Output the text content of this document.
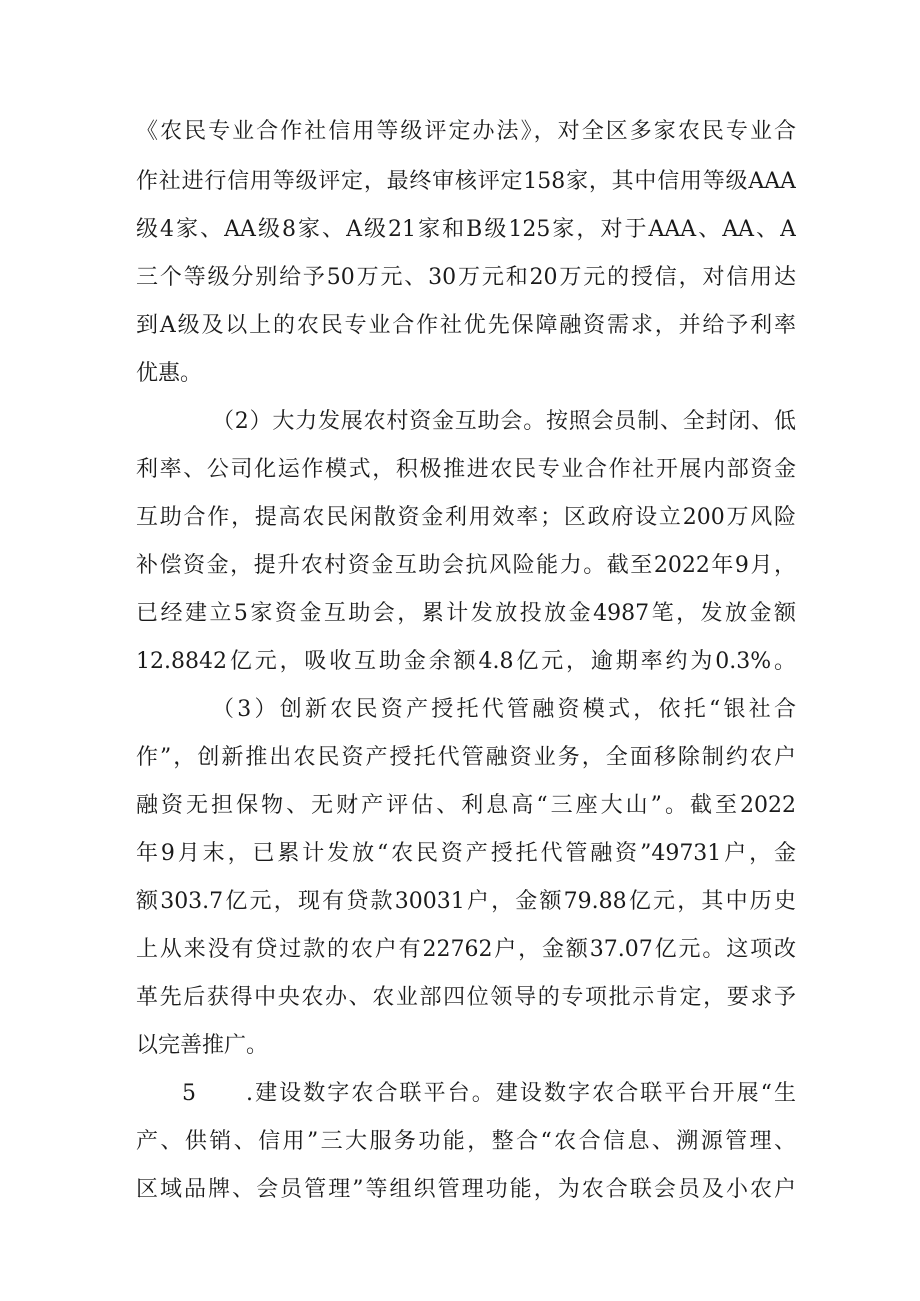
《农民专业合作社信用等级评定办法》，对全区多家农民专业合
作社进行信用等级评定，最终审核评定158家，其中信用等级AAA
级4家、AA级8家、A级21家和B级125家，对于AAA、AA、A
三个等级分别给予50万元、30万元和20万元的授信，对信用达
到A级及以上的农民专业合作社优先保障融资需求，并给予利率
优惠。
（2）大力发展农村资金互助会。按照会员制、全封闭、低
利率、公司化运作模式，积极推进农民专业合作社开展内部资金
互助合作，提高农民闲散资金利用效率；区政府设立200万风险
补偿资金，提升农村资金互助会抗风险能力。截至2022年9月，
已经建立5家资金互助会，累计发放投放金4987笔，发放金额
12.8842亿元，吸收互助金余额4.8亿元，逾期率约为0.3%。
（3）创新农民资产授托代管融资模式，依托“银社合
作”，创新推出农民资产授托代管融资业务，全面移除制约农户
融资无担保物、无财产评估、利息高“三座大山”。截至2022
年9月末，已累计发放“农民资产授托代管融资”49731户，金
额303.7亿元，现有贷款30031户，金额79.88亿元，其中历史
上从来没有贷过款的农户有22762户，金额37.07亿元。这项改
革先后获得中央农办、农业部四位领导的专项批示肯定，要求予
以完善推广。
5	.建设数字农合联平台。建设数字农合联平台开展“生
产、供销、信用”三大服务功能，整合“农合信息、溯源管理、
区域品牌、会员管理”等组织管理功能，为农合联会员及小农户
